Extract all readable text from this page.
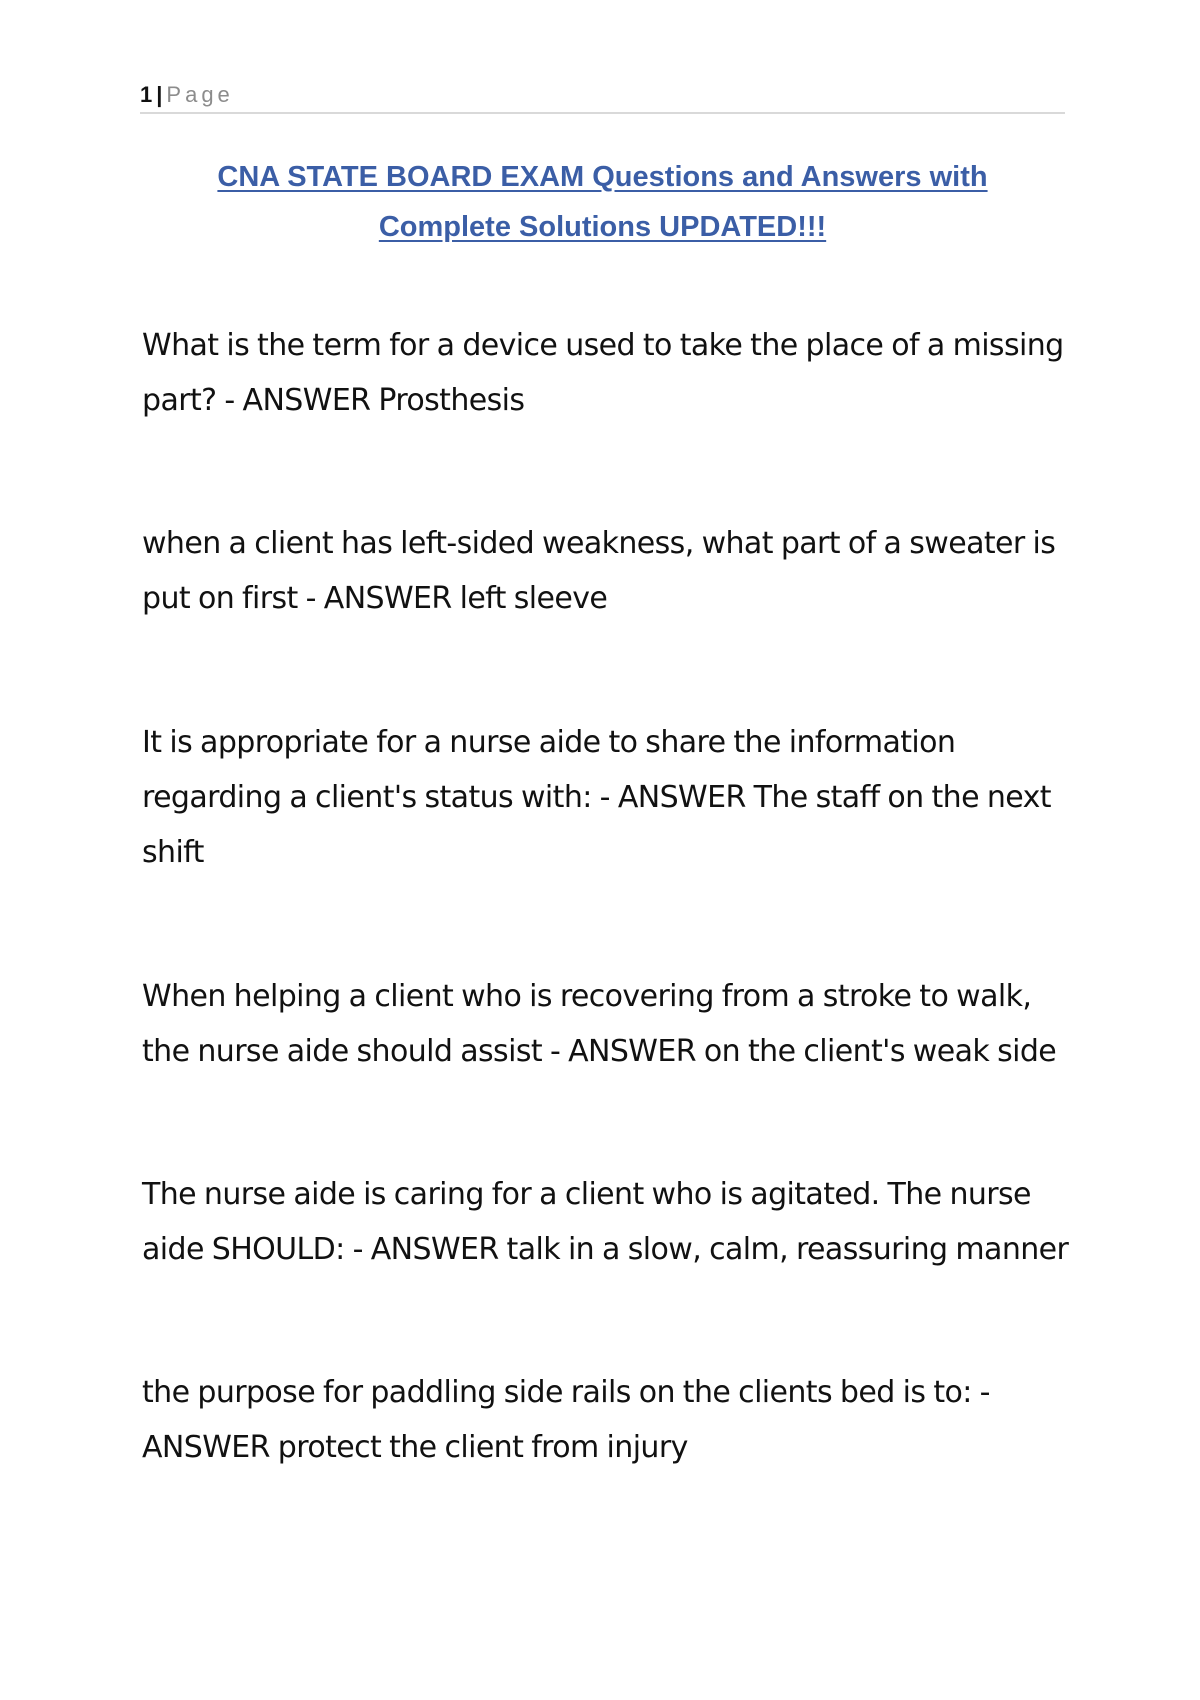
1 | Page
CNA STATE BOARD EXAM Questions and Answers with
Complete Solutions UPDATED!!!
What is the term for a device used to take the place of a missing
part? - ANSWER Prosthesis
when a client has left-sided weakness, what part of a sweater is
put on first - ANSWER left sleeve
It is appropriate for a nurse aide to share the information
regarding a client's status with: - ANSWER The staff on the next
shift
When helping a client who is recovering from a stroke to walk,
the nurse aide should assist - ANSWER on the client's weak side
The nurse aide is caring for a client who is agitated. The nurse
aide SHOULD: - ANSWER talk in a slow, calm, reassuring manner
the purpose for paddling side rails on the clients bed is to: -
ANSWER protect the client from injury
